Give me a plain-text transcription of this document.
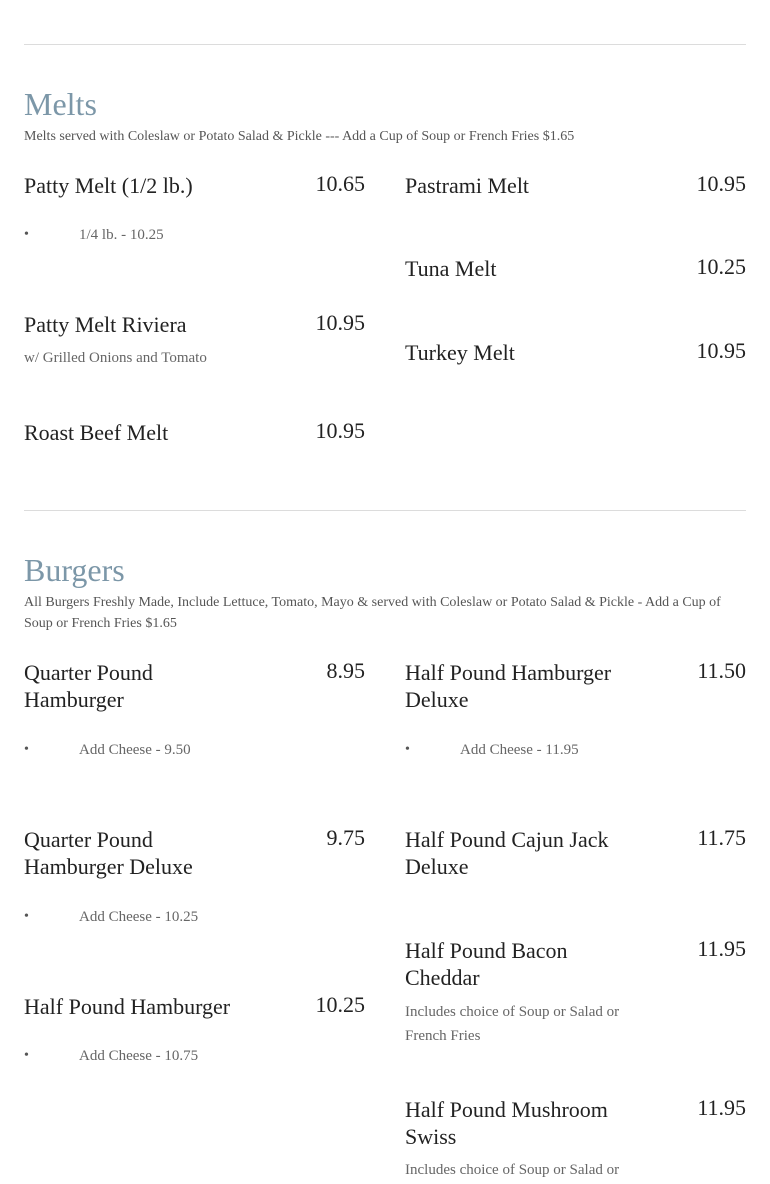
Melts

Melts served with Coleslaw or Potato Salad & Pickle --- Add a Cup of Soup or French Fries $1.65

Patty Melt (1/2 lb.)	10.65
• 1/4 lb. - 10.25
Patty Melt Riviera	10.95
w/ Grilled Onions and Tomato
Roast Beef Melt	10.95
Pastrami Melt	10.95
Tuna Melt	10.25
Turkey Melt	10.95
Burgers

All Burgers Freshly Made, Include Lettuce, Tomato, Mayo & served with Coleslaw or Potato Salad & Pickle - Add a Cup of Soup or French Fries $1.65

Quarter Pound
Hamburger
8.95
• Add Cheese - 9.50
Quarter Pound
Hamburger Deluxe
9.75
• Add Cheese - 10.25
Half Pound Hamburger	10.25
• Add Cheese - 10.75
Half Pound Hamburger
Deluxe
11.50
• Add Cheese - 11.95
Half Pound Cajun Jack
Deluxe
11.75
Half Pound Bacon
Cheddar
11.95
Includes choice of Soup or Salad or
French Fries
Half Pound Mushroom
Swiss
11.95
Includes choice of Soup or Salad or
